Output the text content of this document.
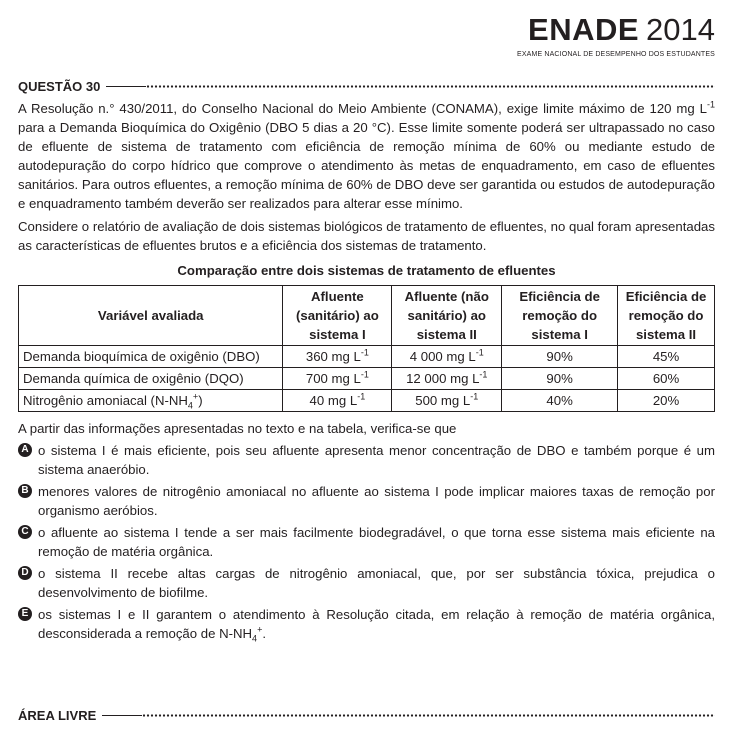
ENADE 2014
EXAME NACIONAL DE DESEMPENHO DOS ESTUDANTES
QUESTÃO 30

A Resolução n.° 430/2011, do Conselho Nacional do Meio Ambiente (CONAMA), exige limite máximo de 120 mg $L^{-1}$ para a Demanda Bioquímica do Oxigênio (DBO 5 dias a 20 °C). Esse limite somente poderá ser ultrapassado no caso de efluente de sistema de tratamento com eficiência de remoção mínima de 60% ou mediante estudo de autodepuração do corpo hídrico que comprove o atendimento às metas de enquadramento, em caso de efluentes sanitários. Para outros efluentes, a remoção mínima de 60% de DBO deve ser garantida ou estudos de autodepuração e enquadramento também deverão ser realizados para alterar esse mínimo.

Considere o relatório de avaliação de dois sistemas biológicos de tratamento de efluentes, no qual foram apresentadas as características de efluentes brutos e a eficiência dos sistemas de tratamento.

Comparação entre dois sistemas de tratamento de efluentes
Variável avaliada	Afluente (sanitário) ao sistema I	Afluente (não sanitário) ao sistema II	Eficiência de remoção do sistema I	Eficiência de remoção do sistema II
Demanda bioquímica de oxigênio (DBO)	360 mg $L^{-1}$	4 000 mg $L^{-1}$	90%	45%
Demanda química de oxigênio (DQO)	700 mg $L^{-1}$	12 000 mg $L^{-1}$	90%	60%
Nitrogênio amoniacal $(N-NH_4^+)$	40 mg $L^{-1}$	500 mg $L^{-1}$	40%	20%

A partir das informações apresentadas no texto e na tabela, verifica-se que

A o sistema I é mais eficiente, pois seu afluente apresenta menor concentração de DBO e também porque é um sistema anaeróbio.
B menores valores de nitrogênio amoniacal no afluente ao sistema I pode implicar maiores taxas de remoção por organismo aeróbios.
C o afluente ao sistema I tende a ser mais facilmente biodegradável, o que torna esse sistema mais eficiente na remoção de matéria orgânica.
D o sistema II recebe altas cargas de nitrogênio amoniacal, que, por ser substância tóxica, prejudica o desenvolvimento de biofilme.
E os sistemas I e II garantem o atendimento à Resolução citada, em relação à remoção de matéria orgânica, desconsiderada a remoção de $N-NH_4^+$.
ÁREA LIVRE
